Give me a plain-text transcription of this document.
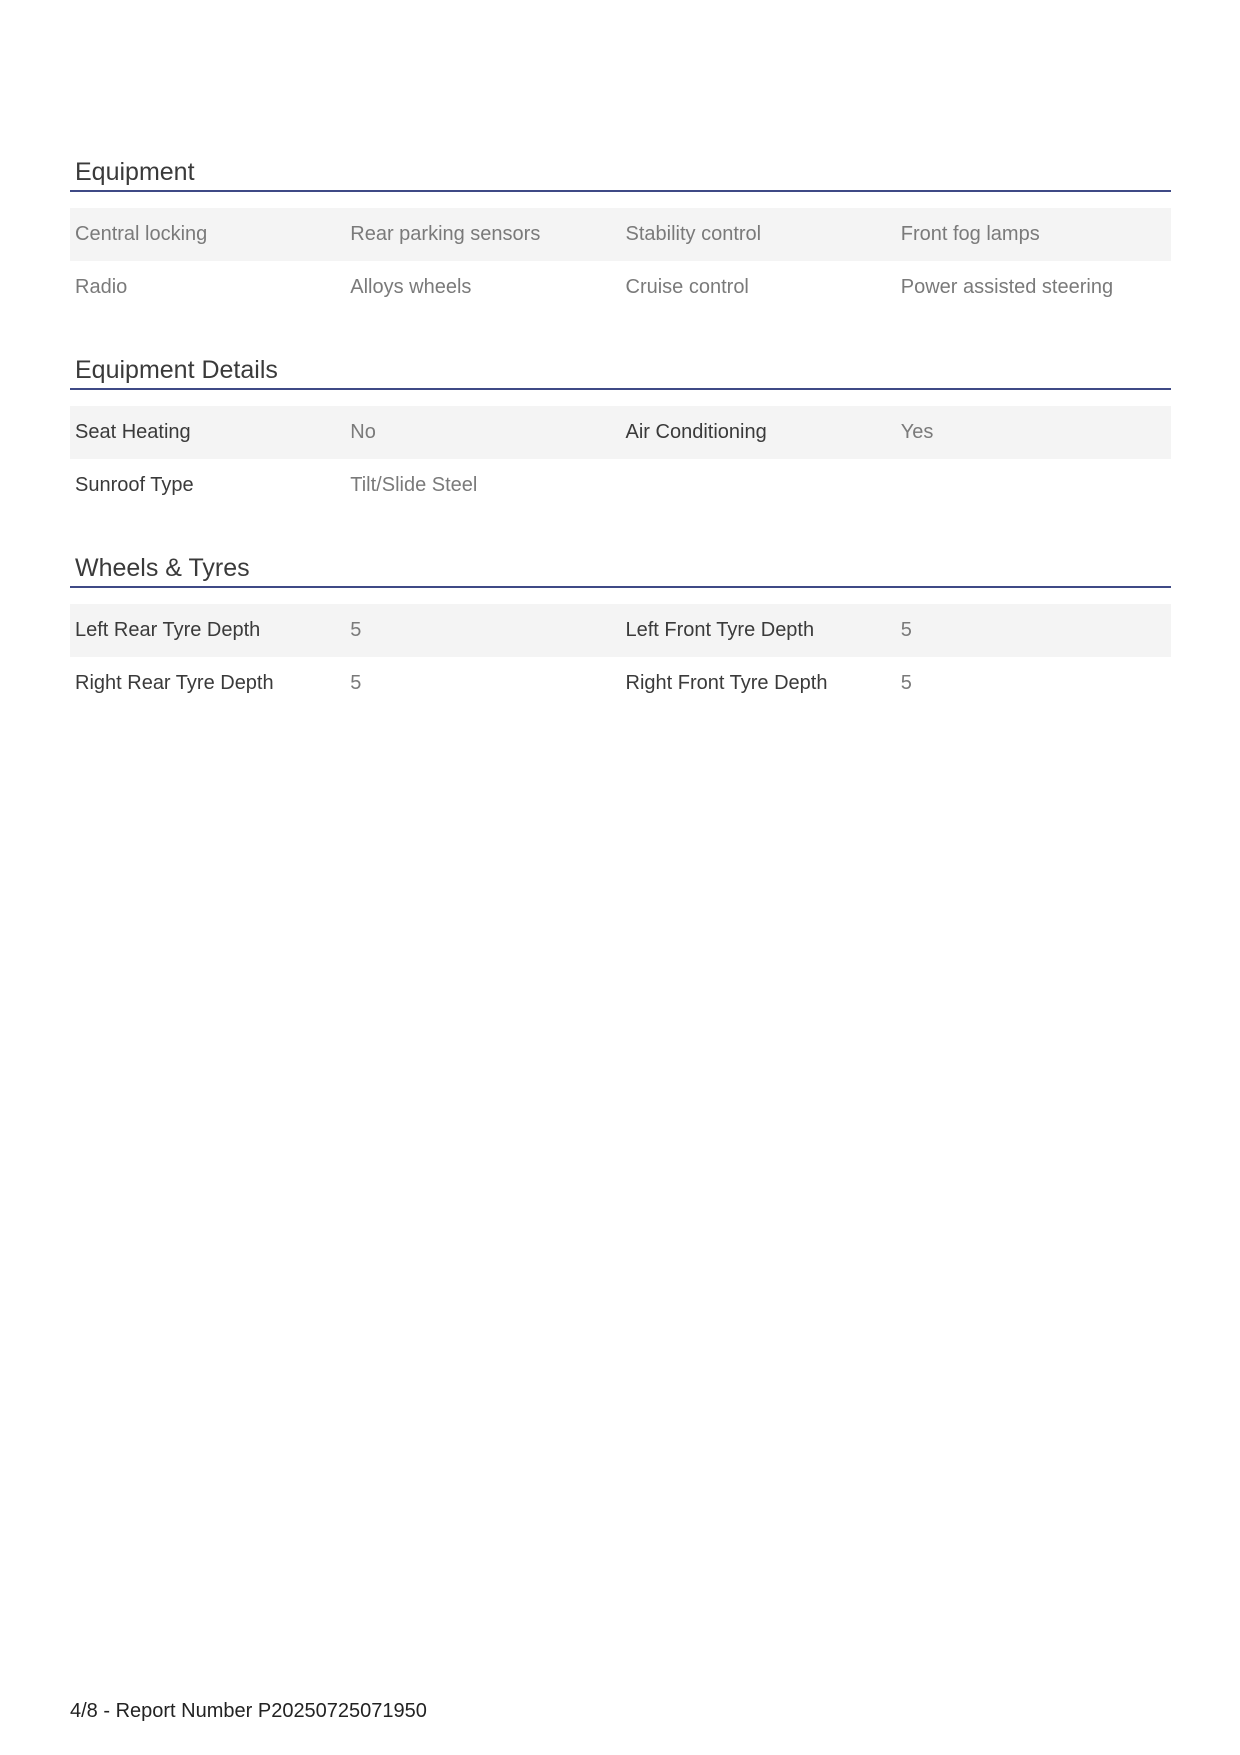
Equipment
Central locking	Rear parking sensors	Stability control	Front fog lamps
Radio	Alloys wheels	Cruise control	Power assisted steering
Equipment Details
Seat Heating	No	Air Conditioning	Yes
Sunroof Type	Tilt/Slide Steel
Wheels & Tyres
Left Rear Tyre Depth	5	Left Front Tyre Depth	5
Right Rear Tyre Depth	5	Right Front Tyre Depth	5
4/8 - Report Number P20250725071950
